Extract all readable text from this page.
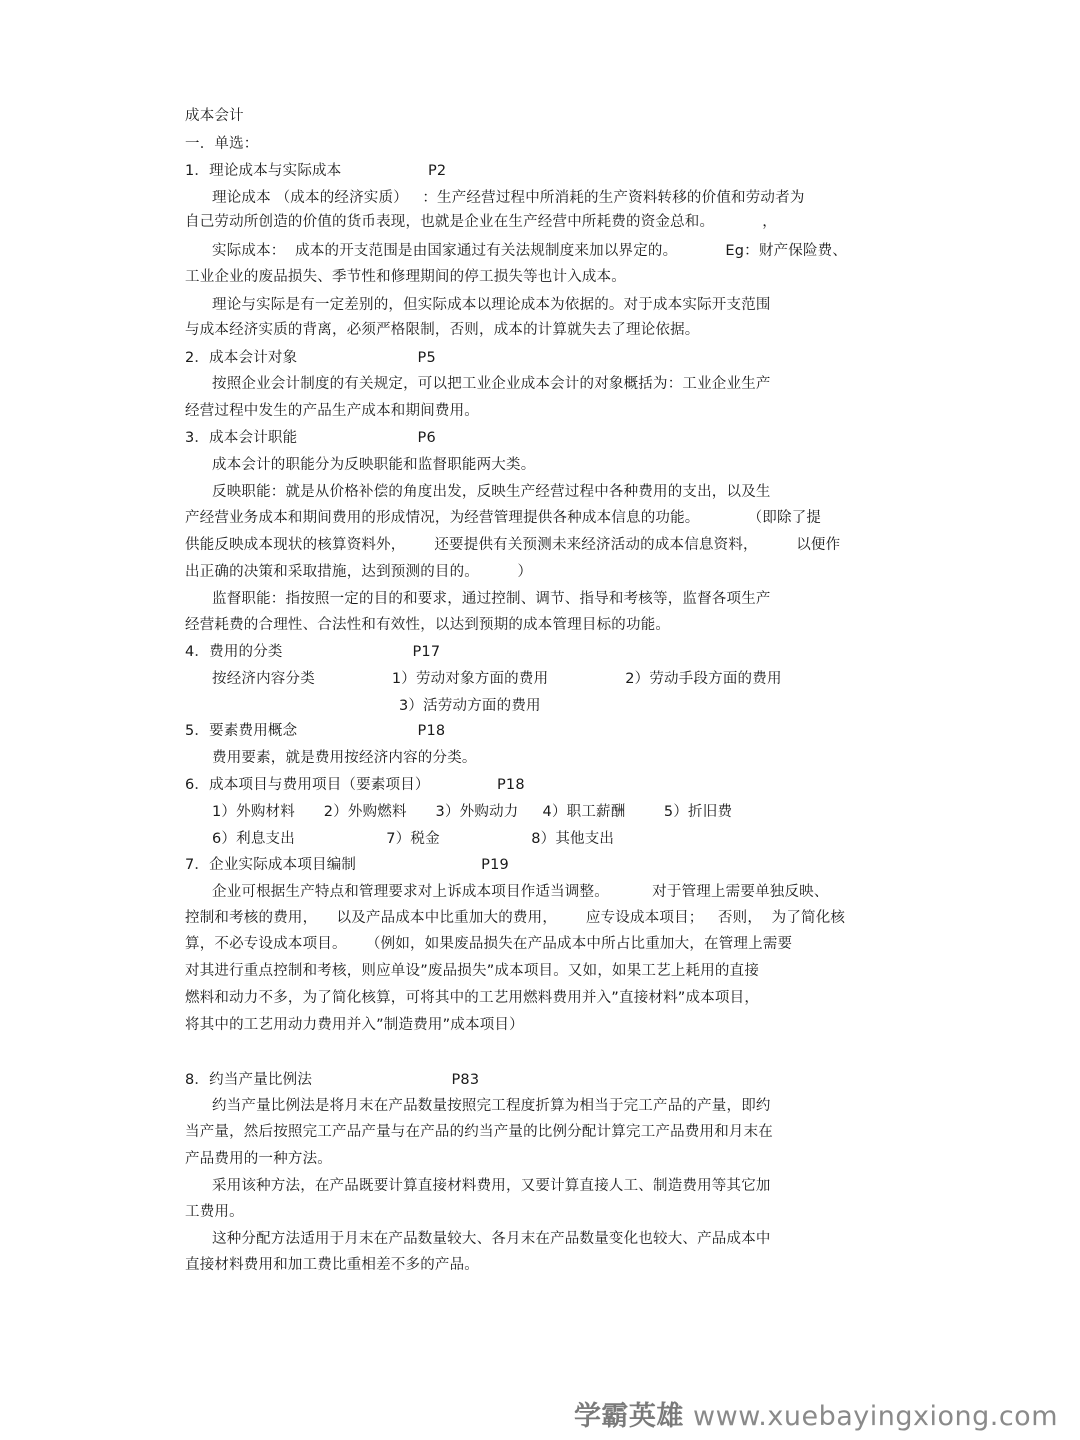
成本会计
一．单选：
1．理论成本与实际成本                  P2
理论成本 （成本的经济实质）   ：生产经营过程中所消耗的生产资料转移的价值和劳动者为
自己劳动所创造的价值的货币表现，也就是企业在生产经营中所耗费的资金总和。          ，
实际成本：  成本的开支范围是由国家通过有关法规制度来加以界定的。          Eg：财产保险费、
工业企业的废品损失、季节性和修理期间的停工损失等也计入成本。
理论与实际是有一定差别的，但实际成本以理论成本为依据的。对于成本实际开支范围
与成本经济实质的背离，必须严格限制，否则，成本的计算就失去了理论依据。
2．成本会计对象                         P5
按照企业会计制度的有关规定，可以把工业企业成本会计的对象概括为：工业企业生产
经营过程中发生的产品生产成本和期间费用。
3．成本会计职能                         P6
成本会计的职能分为反映职能和监督职能两大类。
反映职能：就是从价格补偿的角度出发，反映生产经营过程中各种费用的支出，以及生
产经营业务成本和期间费用的形成情况，为经营管理提供各种成本信息的功能。          （即除了提
供能反映成本现状的核算资料外，      还要提供有关预测未来经济活动的成本信息资料，        以便作
出正确的决策和采取措施，达到预测的目的。        ）
监督职能：指按照一定的目的和要求，通过控制、调节、指导和考核等，监督各项生产
经营耗费的合理性、合法性和有效性，以达到预期的成本管理目标的功能。
4．费用的分类                           P17
按经济内容分类                1）劳动对象方面的费用                2）劳动手段方面的费用
3）活劳动方面的费用
5．要素费用概念                         P18
费用要素，就是费用按经济内容的分类。
6．成本项目与费用项目（要素项目）              P18
1）外购材料      2）外购燃料      3）外购动力     4）职工薪酬        5）折旧费
6）利息支出                   7）税金                   8）其他支出
7．企业实际成本项目编制                          P19
企业可根据生产特点和管理要求对上诉成本项目作适当调整。         对于管理上需要单独反映、
控制和考核的费用，    以及产品成本中比重加大的费用，      应专设成本项目；   否则，  为了简化核
算，不必专设成本项目。    （例如，如果废品损失在产品成本中所占比重加大，在管理上需要
对其进行重点控制和考核，则应单设”废品损失”成本项目。又如，如果工艺上耗用的直接
燃料和动力不多，为了简化核算，可将其中的工艺用燃料费用并入”直接材料”成本项目，
将其中的工艺用动力费用并入”制造费用”成本项目）
8．约当产量比例法                             P83
约当产量比例法是将月末在产品数量按照完工程度折算为相当于完工产品的产量，即约
当产量，然后按照完工产品产量与在产品的约当产量的比例分配计算完工产品费用和月末在
产品费用的一种方法。
采用该种方法，在产品既要计算直接材料费用，又要计算直接人工、制造费用等其它加
工费用。
这种分配方法适用于月末在产品数量较大、各月末在产品数量变化也较大、产品成本中
直接材料费用和加工费比重相差不多的产品。
学霸英雄 www.xuebayingxiong.com
